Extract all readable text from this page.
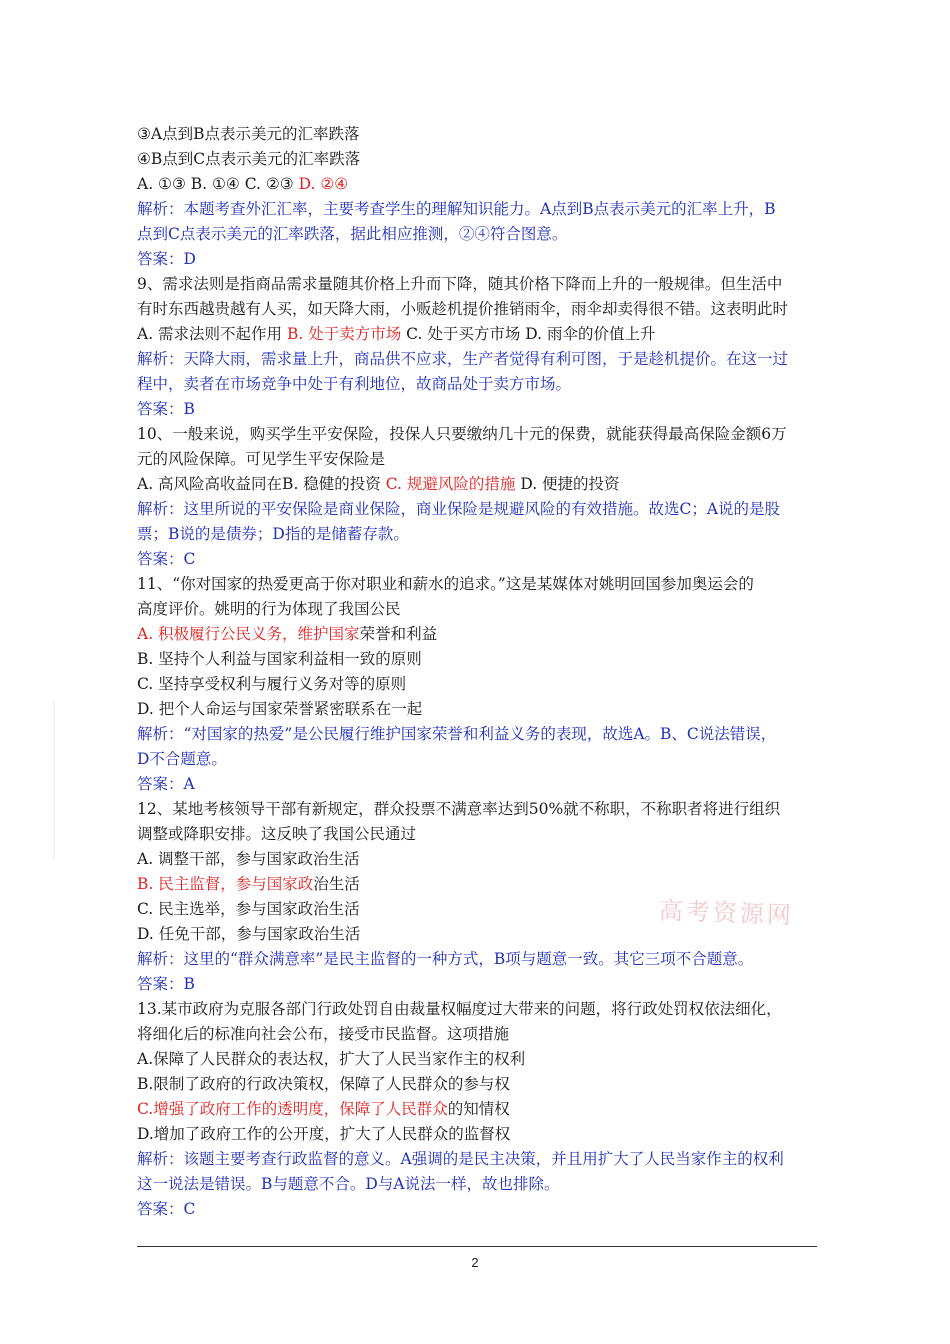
③A点到B点表示美元的汇率跌落
④B点到C点表示美元的汇率跌落
A. ①③ B. ①④ C. ②③ D. ②④
解析：本题考查外汇汇率，主要考查学生的理解知识能力。A点到B点表示美元的汇率上升，B
点到C点表示美元的汇率跌落，据此相应推测，②④符合图意。
答案：D
9、需求法则是指商品需求量随其价格上升而下降，随其价格下降而上升的一般规律。但生活中
有时东西越贵越有人买，如天降大雨，小贩趁机提价推销雨伞，雨伞却卖得很不错。这表明此时
A. 需求法则不起作用 B. 处于卖方市场 C. 处于买方市场 D. 雨伞的价值上升
解析：天降大雨，需求量上升，商品供不应求，生产者觉得有利可图，于是趁机提价。在这一过
程中，卖者在市场竞争中处于有利地位，故商品处于卖方市场。
答案：B
10、一般来说，购买学生平安保险，投保人只要缴纳几十元的保费，就能获得最高保险金额6万
元的风险保障。可见学生平安保险是
A. 高风险高收益同在B. 稳健的投资 C. 规避风险的措施 D. 便捷的投资
解析：这里所说的平安保险是商业保险，商业保险是规避风险的有效措施。故选C；A说的是股
票；B说的是债券；D指的是储蓄存款。
答案：C
11、“你对国家的热爱更高于你对职业和薪水的追求。”这是某媒体对姚明回国参加奥运会的
高度评价。姚明的行为体现了我国公民
A. 积极履行公民义务，维护国家荣誉和利益
B. 坚持个人利益与国家利益相一致的原则
C. 坚持享受权利与履行义务对等的原则
D. 把个人命运与国家荣誉紧密联系在一起
解析：“对国家的热爱”是公民履行维护国家荣誉和利益义务的表现，故选A。B、C说法错误，
D不合题意。
答案：A
12、某地考核领导干部有新规定，群众投票不满意率达到50%就不称职，不称职者将进行组织
调整或降职安排。这反映了我国公民通过
A. 调整干部，参与国家政治生活
B. 民主监督，参与国家政治生活
C. 民主选举，参与国家政治生活
D. 任免干部，参与国家政治生活
解析：这里的“群众满意率”是民主监督的一种方式，B项与题意一致。其它三项不合题意。
答案：B
13.某市政府为克服各部门行政处罚自由裁量权幅度过大带来的问题，将行政处罚权依法细化，
将细化后的标准向社会公布，接受市民监督。这项措施
A.保障了人民群众的表达权，扩大了人民当家作主的权利
B.限制了政府的行政决策权，保障了人民群众的参与权
C.增强了政府工作的透明度，保障了人民群众的知情权
D.增加了政府工作的公开度，扩大了人民群众的监督权
解析：该题主要考查行政监督的意义。A强调的是民主决策，并且用扩大了人民当家作主的权利
这一说法是错误。B与题意不合。D与A说法一样，故也排除。
答案：C
高考资源网
2
